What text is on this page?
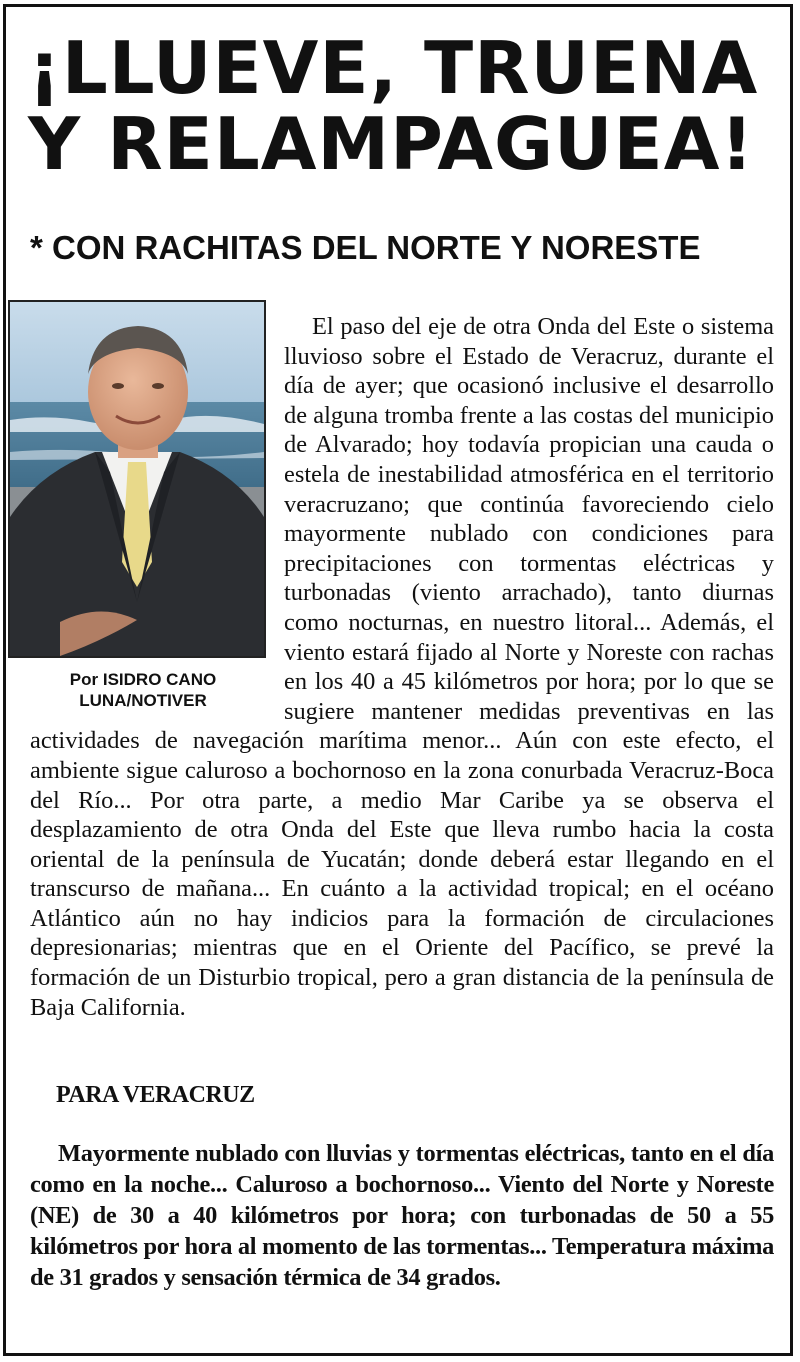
¡LLUEVE, TRUENA
Y RELAMPAGUEA!
* CON RACHITAS DEL NORTE Y NORESTE
Por ISIDRO CANO
LUNA/NOTIVER
El paso del eje de otra Onda del Este o sistema lluvioso sobre el Estado de Veracruz, durante el día de ayer; que ocasionó inclusive el desarrollo de alguna tromba frente a las costas del municipio de Alvarado; hoy todavía propician una cauda o estela de inestabilidad atmosférica en el territorio veracruzano; que continúa favoreciendo cielo mayormente nublado con condiciones para precipitaciones con tormentas eléctricas y turbonadas (viento arrachado), tanto diurnas como nocturnas, en nuestro litoral... Además, el viento estará fijado al Norte y Noreste con rachas en los 40 a 45 kilómetros por hora; por lo que se sugiere mantener medidas preventivas en las actividades de navegación marítima menor... Aún con este efecto, el ambiente sigue caluroso a bochornoso en la zona conurbada Veracruz-Boca del Río... Por otra parte, a medio Mar Caribe ya se observa el desplazamiento de otra Onda del Este que lleva rumbo hacia la costa oriental de la península de Yucatán; donde deberá estar llegando en el transcurso de mañana... En cuánto a la actividad tropical; en el océano Atlántico aún no hay indicios para la formación de circulaciones depresionarias; mientras que en el Oriente del Pacífico, se prevé la formación de un Disturbio tropical, pero a gran distancia de la península de Baja California.
PARA VERACRUZ

Mayormente nublado con lluvias y tormentas eléctricas, tanto en el día como en la noche... Caluroso a bochornoso... Viento del Norte y Noreste (NE) de 30 a 40 kilómetros por hora; con turbonadas de 50 a 55 kilómetros por hora al momento de las tormentas... Temperatura máxima de 31 grados y sensación térmica de 34 grados.
